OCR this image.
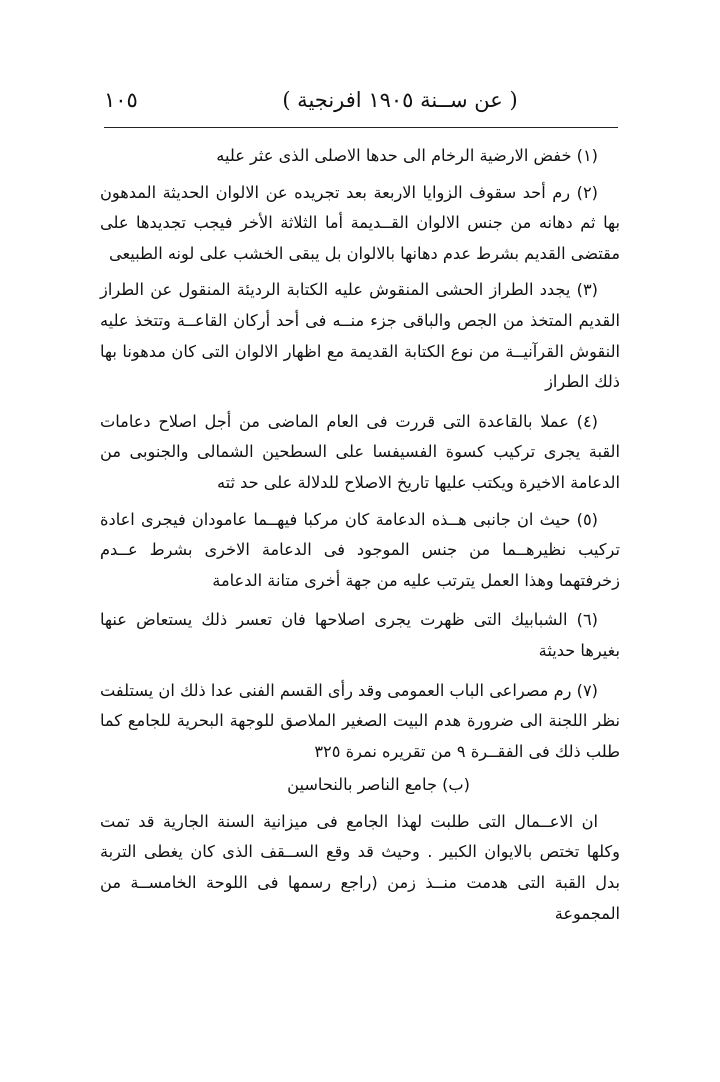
( عن ســنة ١٩٠٥ افرنجية )
١٠٥

(١) خفض الارضية الرخام الى حدها الاصلى الذى عثر عليه

(٢) رم أحد سقوف الزوايا الاربعة بعد تجريده عن الالوان الحديثة المدهون بها ثم دهانه من جنس الالوان القــديمة أما الثلاثة الأخر فيجب تجديدها على مقتضى القديم بشرط عدم دهانها بالالوان بل يبقى الخشب على لونه الطبيعى

(٣) يجدد الطراز الحشى المنقوش عليه الكتابة الرديئة المنقول عن الطراز القديم المتخذ من الجص والباقى جزء منــه فى أحد أركان القاعــة وتتخذ عليه النقوش القرآنيــة من نوع الكتابة القديمة مع اظهار الالوان التى كان مدهونا بها ذلك الطراز

(٤) عملا بالقاعدة التى قررت فى العام الماضى من أجل اصلاح دعامات القبة يجرى تركيب كسوة الفسيفسا على السطحين الشمالى والجنوبى من الدعامة الاخيرة ويكتب عليها تاريخ الاصلاح للدلالة على حد ثته

(٥) حيث ان جانبى هــذه الدعامة كان مركبا فيهــما عامودان فيجرى اعادة تركيب نظيرهــما من جنس الموجود فى الدعامة الاخرى بشرط عــدم زخرفتهما وهذا العمل يترتب عليه من جهة أخرى متانة الدعامة

(٦) الشبابيك التى ظهرت يجرى اصلاحها فان تعسر ذلك يستعاض عنها بغيرها حديثة

(٧) رم مصراعى الباب العمومى وقد رأى القسم الفنى عدا ذلك ان يستلفت نظر اللجنة الى ضرورة هدم البيت الصغير الملاصق للوجهة البحرية للجامع كما طلب ذلك فى الفقــرة ٩ من تقريره نمرة ٣٢٥

(ب) جامع الناصر بالنحاسين

ان الاعــمال التى طلبت لهذا الجامع فى ميزانية السنة الجارية قد تمت وكلها تختص بالايوان الكبير . وحيث قد وقع الســقف الذى كان يغطى التربة بدل القبة التى هدمت منــذ زمن (راجع رسمها فى اللوحة الخامســة من المجموعة
